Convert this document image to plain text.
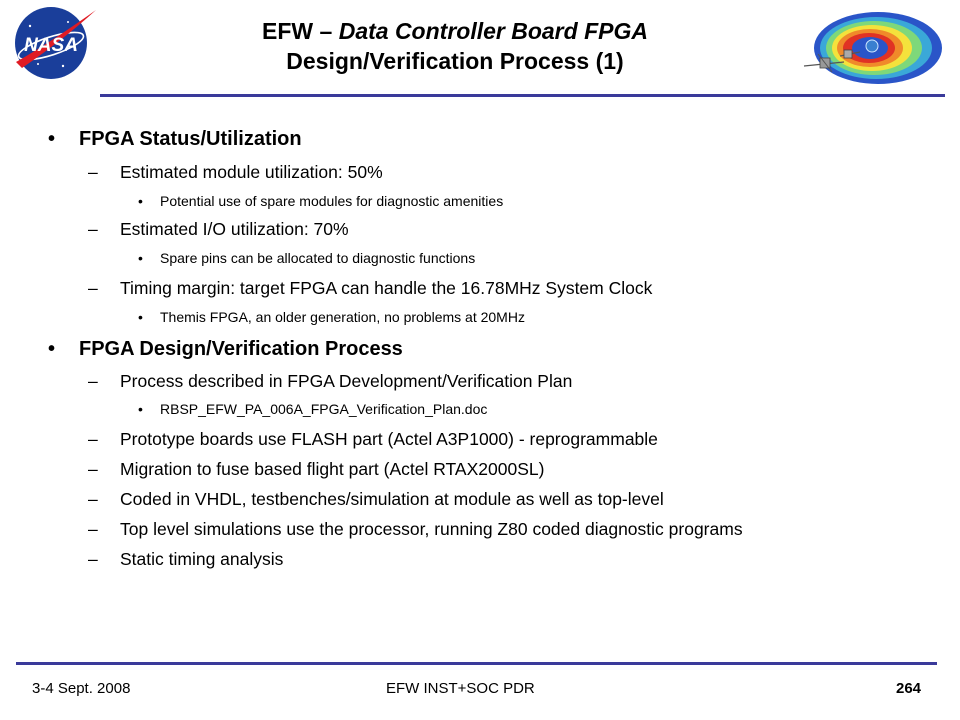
NASA
EFW – Data Controller Board FPGA
Design/Verification Process (1)
• FPGA Status/Utilization
– Estimated module utilization: 50%
• Potential use of spare modules for diagnostic amenities
– Estimated I/O utilization: 70%
• Spare pins can be allocated to diagnostic functions
– Timing margin: target FPGA can handle the 16.78MHz System Clock
• Themis FPGA, an older generation, no problems at 20MHz
• FPGA Design/Verification Process
– Process described in FPGA Development/Verification Plan
• RBSP_EFW_PA_006A_FPGA_Verification_Plan.doc
– Prototype boards use FLASH part (Actel A3P1000) - reprogrammable
– Migration to fuse based flight part (Actel RTAX2000SL)
– Coded in VHDL, testbenches/simulation at module as well as top-level
– Top level simulations use the processor, running Z80 coded diagnostic programs
– Static timing analysis
3-4 Sept. 2008	EFW INST+SOC PDR	264
